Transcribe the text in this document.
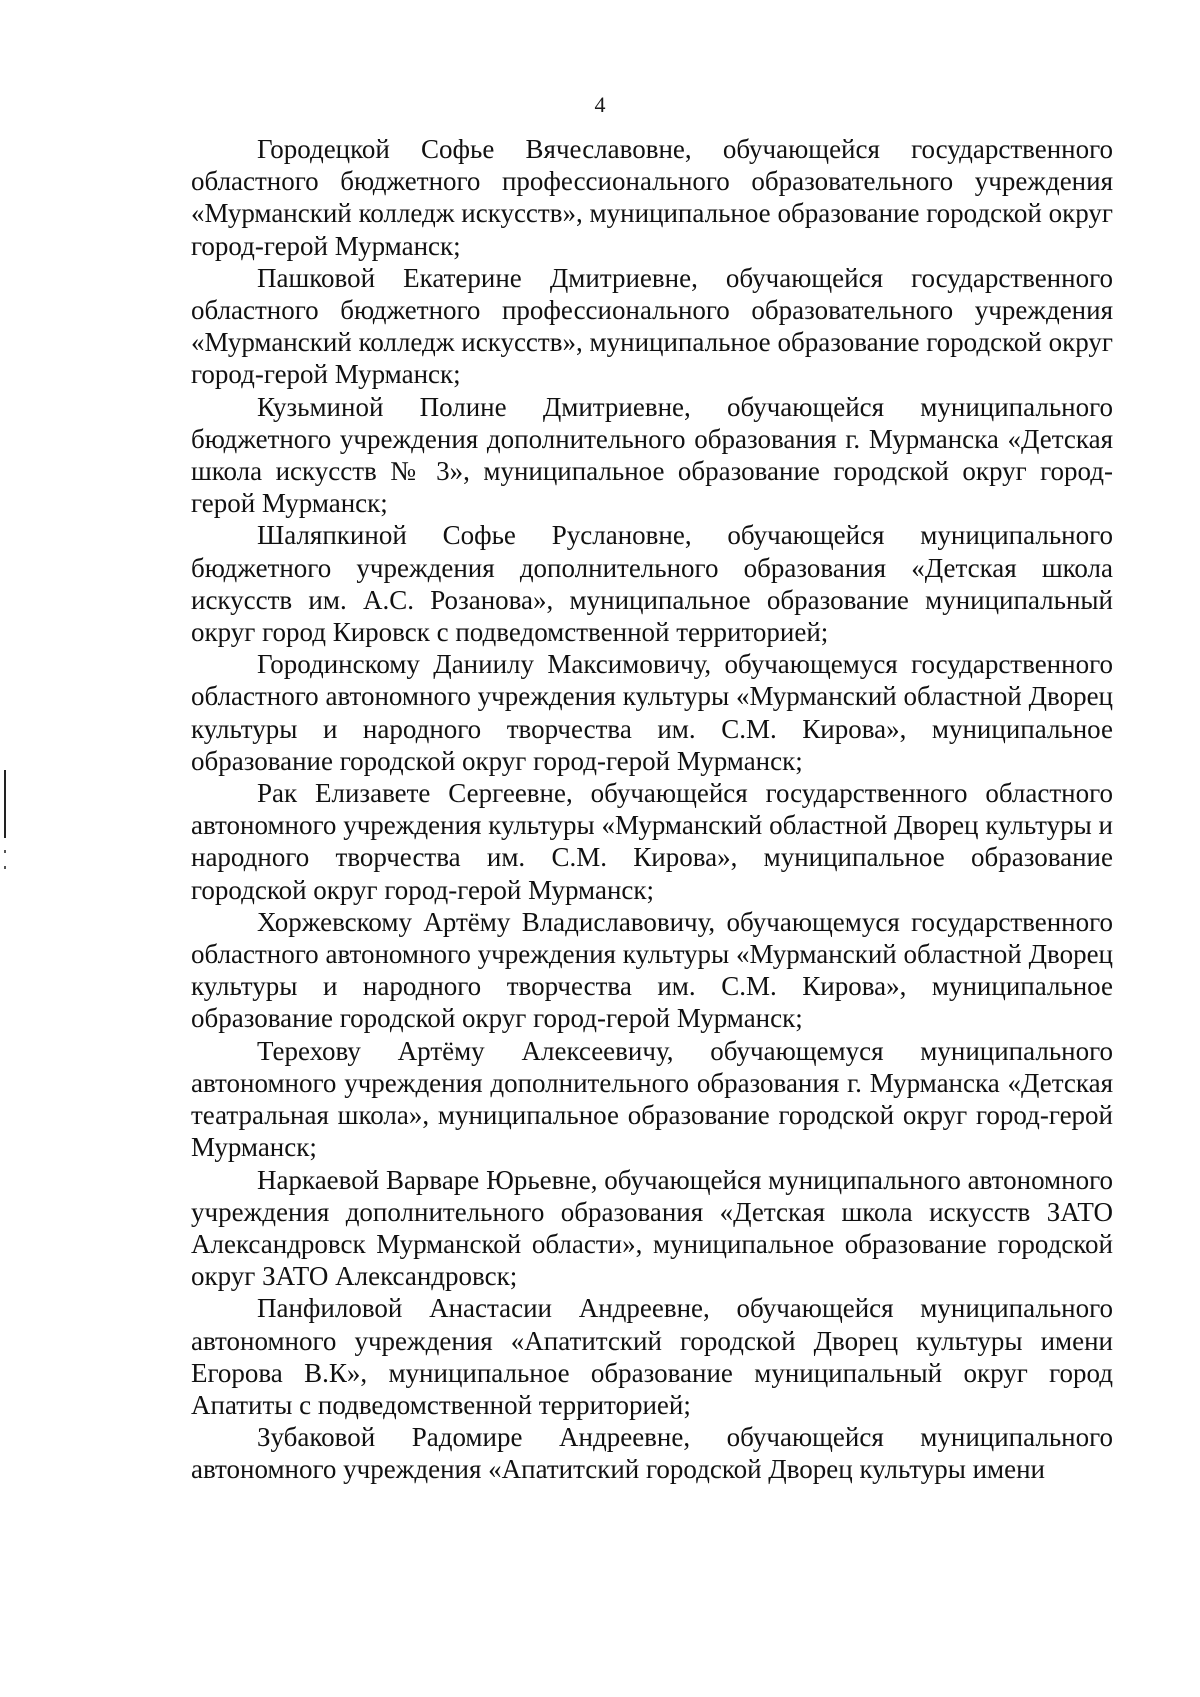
4

Городецкой Софье Вячеславовне, обучающейся государственного областного бюджетного профессионального образовательного учреждения «Мурманский колледж искусств», муниципальное образование городской округ город-герой Мурманск;

Пашковой Екатерине Дмитриевне, обучающейся государственного областного бюджетного профессионального образовательного учреждения «Мурманский колледж искусств», муниципальное образование городской округ город-герой Мурманск;

Кузьминой Полине Дмитриевне, обучающейся муниципального бюджетного учреждения дополнительного образования г. Мурманска «Детская школа искусств № 3», муниципальное образование городской округ город-герой Мурманск;

Шаляпкиной Софье Руслановне, обучающейся муниципального бюджетного учреждения дополнительного образования «Детская школа искусств им. А.С. Розанова», муниципальное образование муниципальный округ город Кировск с подведомственной территорией;

Городинскому Даниилу Максимовичу, обучающемуся государственного областного автономного учреждения культуры «Мурманский областной Дворец культуры и народного творчества им. С.М. Кирова», муниципальное образование городской округ город-герой Мурманск;

Рак Елизавете Сергеевне, обучающейся государственного областного автономного учреждения культуры «Мурманский областной Дворец культуры и народного творчества им. С.М. Кирова», муниципальное образование городской округ город-герой Мурманск;

Хоржевскому Артёму Владиславовичу, обучающемуся государственного областного автономного учреждения культуры «Мурманский областной Дворец культуры и народного творчества им. С.М. Кирова», муниципальное образование городской округ город-герой Мурманск;

Терехову Артёму Алексеевичу, обучающемуся муниципального автономного учреждения дополнительного образования г. Мурманска «Детская театральная школа», муниципальное образование городской округ город-герой Мурманск;

Наркаевой Варваре Юрьевне, обучающейся муниципального автономного учреждения дополнительного образования «Детская школа искусств ЗАТО Александровск Мурманской области», муниципальное образование городской округ ЗАТО Александровск;

Панфиловой Анастасии Андреевне, обучающейся муниципального автономного учреждения «Апатитский городской Дворец культуры имени Егорова В.К», муниципальное образование муниципальный округ город Апатиты с подведомственной территорией;

Зубаковой Радомире Андреевне, обучающейся муниципального автономного учреждения «Апатитский городской Дворец культуры имени
